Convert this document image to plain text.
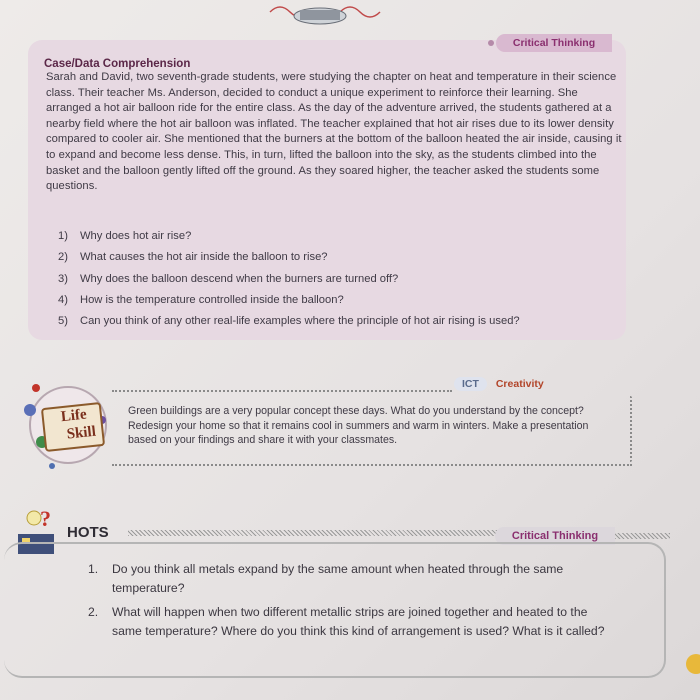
Critical Thinking
Case/Data Comprehension
Sarah and David, two seventh-grade students, were studying the chapter on heat and temperature in their science class. Their teacher Ms. Anderson, decided to conduct a unique experiment to reinforce their learning. She arranged a hot air balloon ride for the entire class. As the day of the adventure arrived, the students gathered at a nearby field where the hot air balloon was inflated. The teacher explained that hot air rises due to its lower density compared to cooler air. She mentioned that the burners at the bottom of the balloon heated the air inside, causing it to expand and become less dense. This, in turn, lifted the balloon into the sky, as the students climbed into the basket and the balloon gently lifted off the ground. As they soared higher, the teacher asked the students some questions.
1) Why does hot air rise?
2) What causes the hot air inside the balloon to rise?
3) Why does the balloon descend when the burners are turned off?
4) How is the temperature controlled inside the balloon?
5) Can you think of any other real-life examples where the principle of hot air rising is used?
Life
Skill
ICT Creativity
Green buildings are a very popular concept these days. What do you understand by the concept? Redesign your home so that it remains cool in summers and warm in winters. Make a presentation based on your findings and share it with your classmates.
?
HOTS	Critical Thinking
1. Do you think all metals expand by the same amount when heated through the same temperature?
2. What will happen when two different metallic strips are joined together and heated to the same temperature? Where do you think this kind of arrangement is used? What is it called?
